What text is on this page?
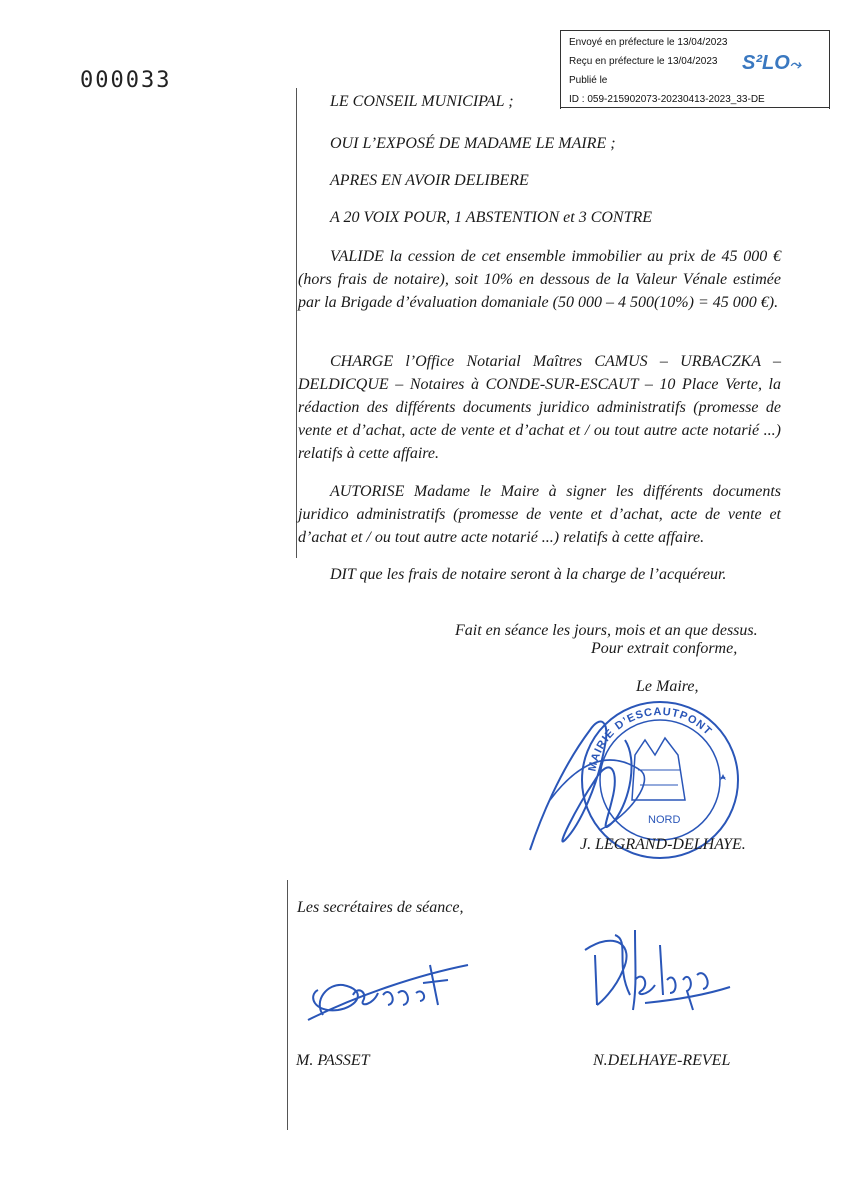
000033
Envoyé en préfecture le 13/04/2023
Reçu en préfecture le 13/04/2023
Publié le
ID : 059-215902073-20230413-2023_33-DE
S²LO⤳
LE CONSEIL MUNICIPAL ;
OUI L’EXPOSÉ DE MADAME LE MAIRE ;
APRES EN AVOIR DELIBERE
A 20 VOIX POUR, 1 ABSTENTION et 3 CONTRE
VALIDE la cession de cet ensemble immobilier au prix de 45 000 € (hors frais de notaire), soit 10% en dessous de la Valeur Vénale estimée par la Brigade d’évaluation domaniale (50 000 – 4 500(10%) = 45 000 €).
CHARGE l’Office Notarial Maîtres CAMUS – URBACZKA – DELDICQUE – Notaires à CONDE-SUR-ESCAUT – 10 Place Verte, la rédaction des différents documents juridico administratifs (promesse de vente et d’achat, acte de vente et d’achat et / ou tout autre acte notarié ...) relatifs à cette affaire.
AUTORISE Madame le Maire à signer les différents documents juridico administratifs (promesse de vente et d’achat, acte de vente et d’achat et / ou tout autre acte notarié ...) relatifs à cette affaire.
DIT que les frais de notaire seront à la charge de l’acquéreur.
Fait en séance les jours, mois et an que dessus.
Pour extrait conforme,
Le Maire,
MAIRIE D’ESCAUTPONT
NORD
J. LEGRAND-DELHAYE.
Les secrétaires de séance,
M. PASSET	N.DELHAYE-REVEL
